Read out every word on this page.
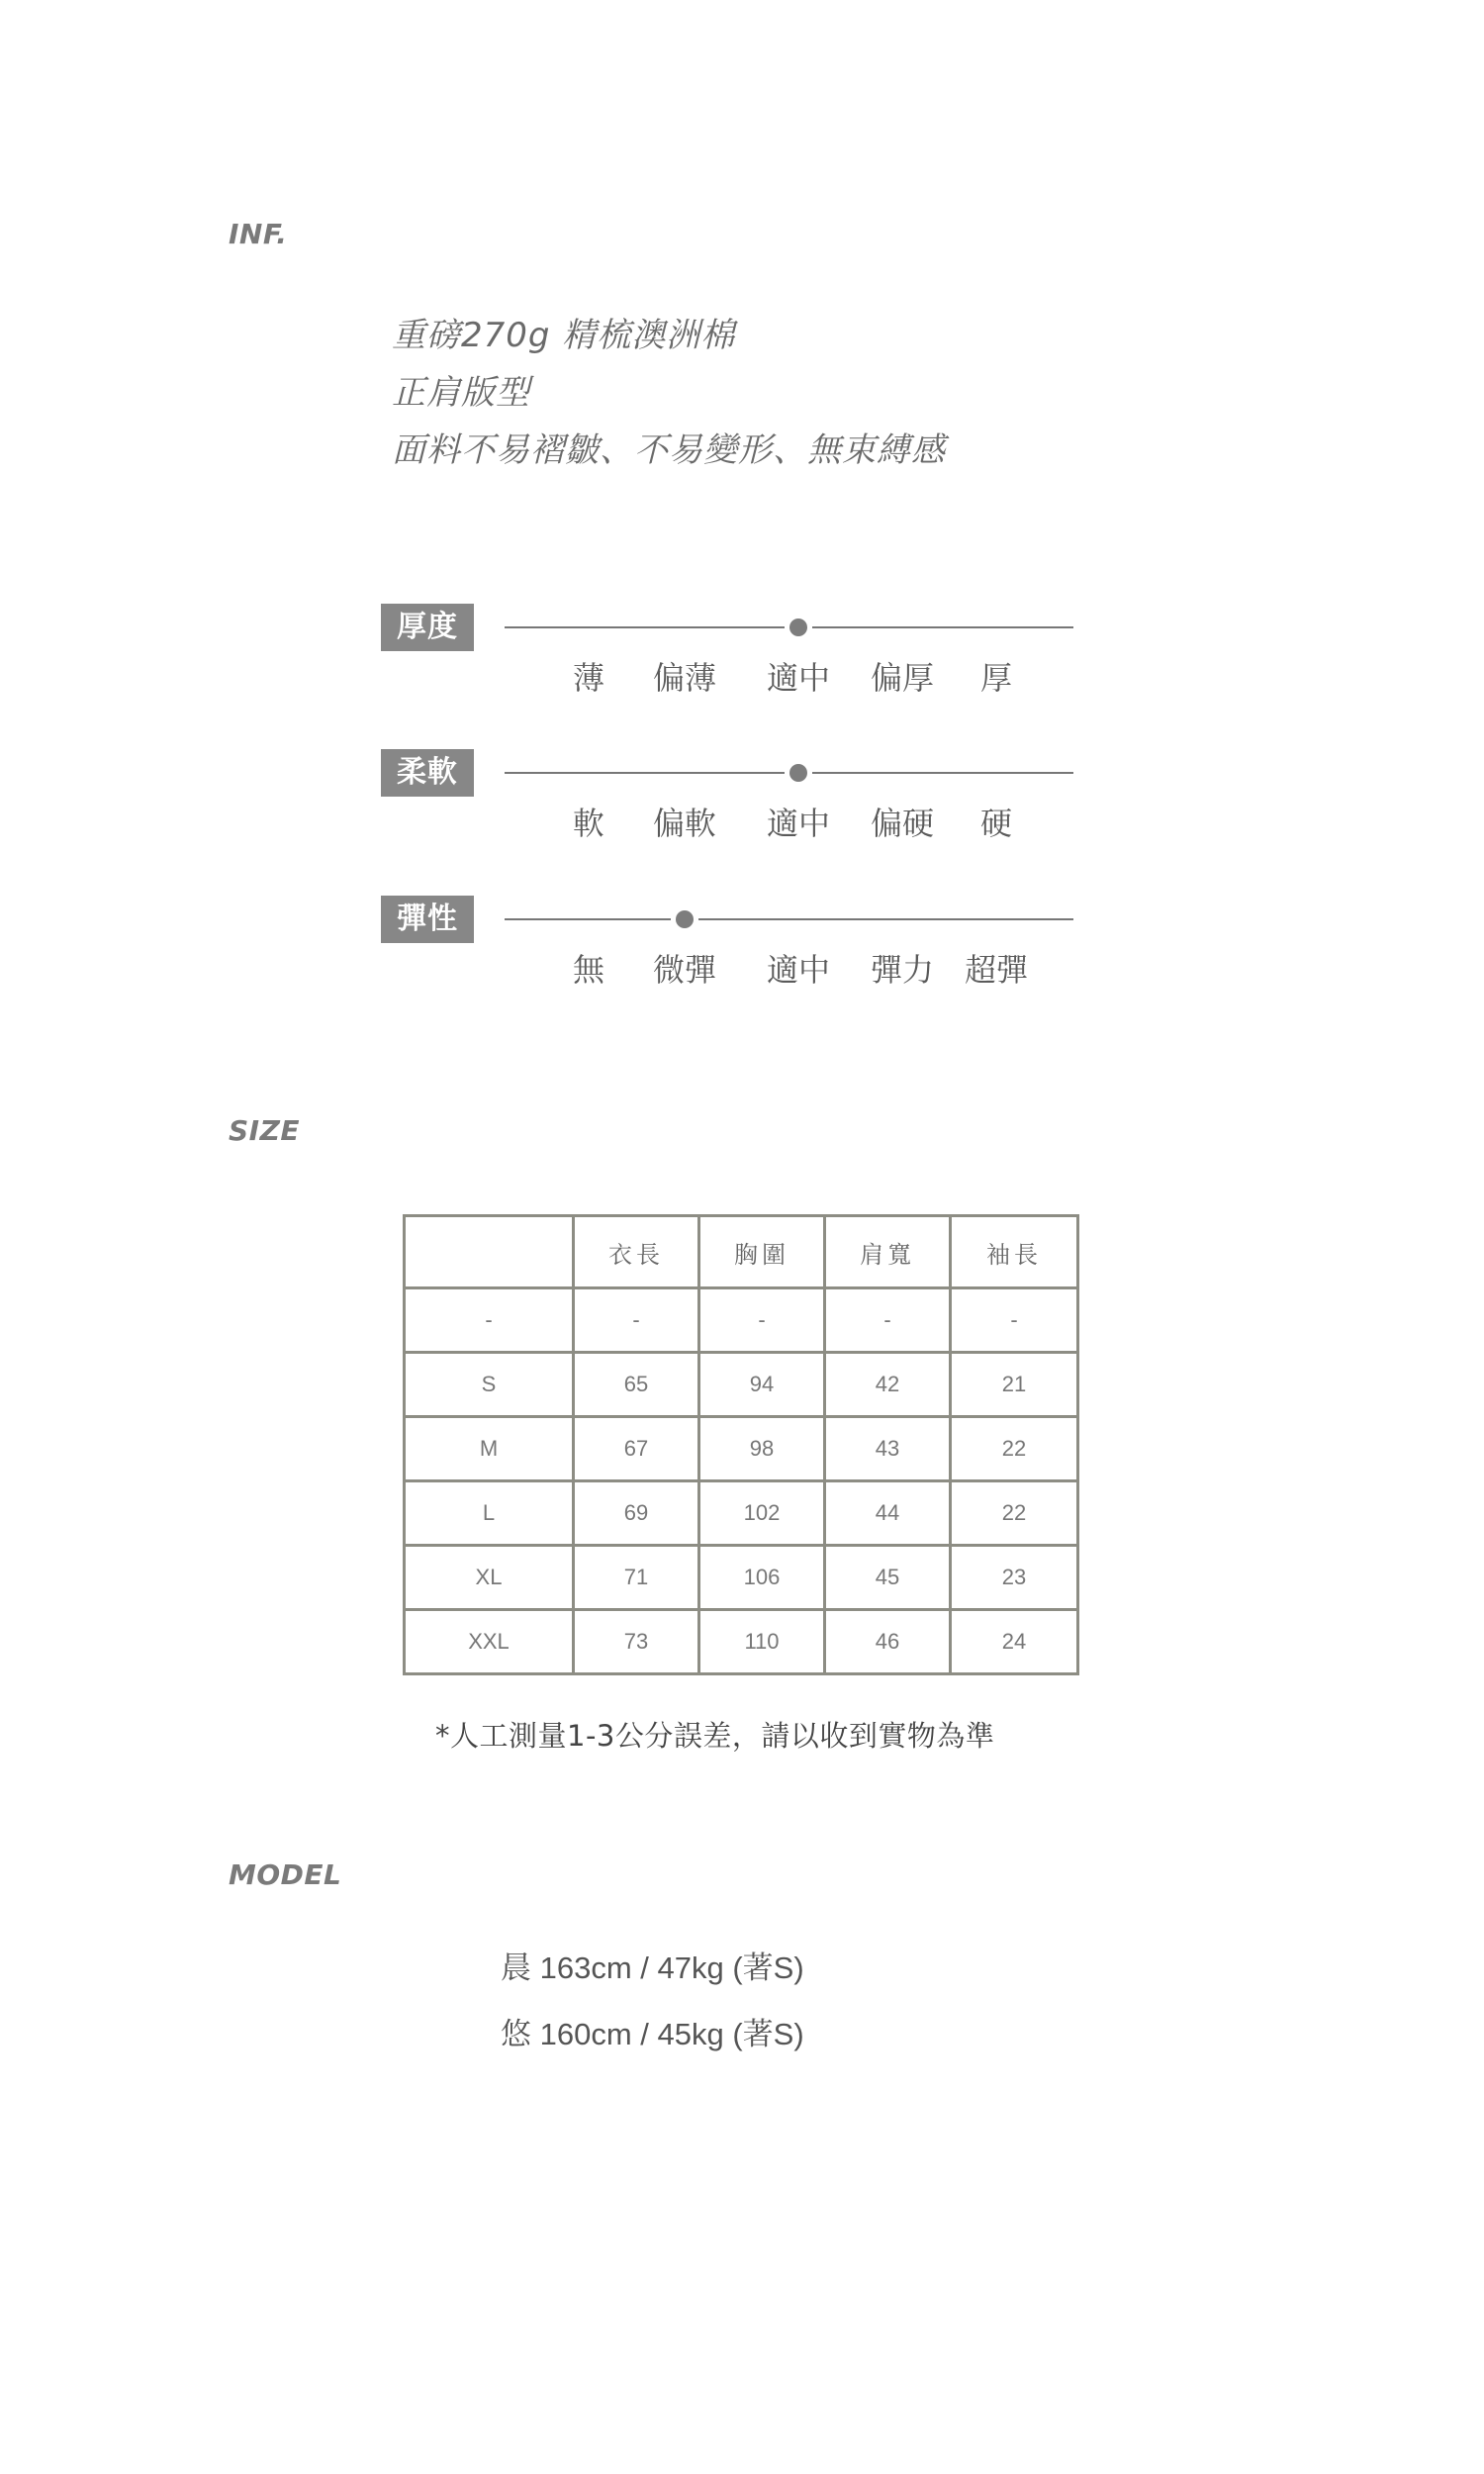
INF.
重磅270g 精梳澳洲棉
正肩版型
面料不易褶皺、不易變形、無束縛感
厚度
薄 偏薄 適中 偏厚 厚
柔軟
軟 偏軟 適中 偏硬 硬
彈性
無 微彈 適中 彈力 超彈
SIZE
	衣長	胸圍	肩寬	袖長
-	-	-	-	-
S	65	94	42	21
M	67	98	43	22
L	69	102	44	22
XL	71	106	45	23
XXL	73	110	46	24
*人工測量1-3公分誤差，請以收到實物為準
MODEL
晨 163cm / 47kg (著S)
悠 160cm / 45kg (著S)
